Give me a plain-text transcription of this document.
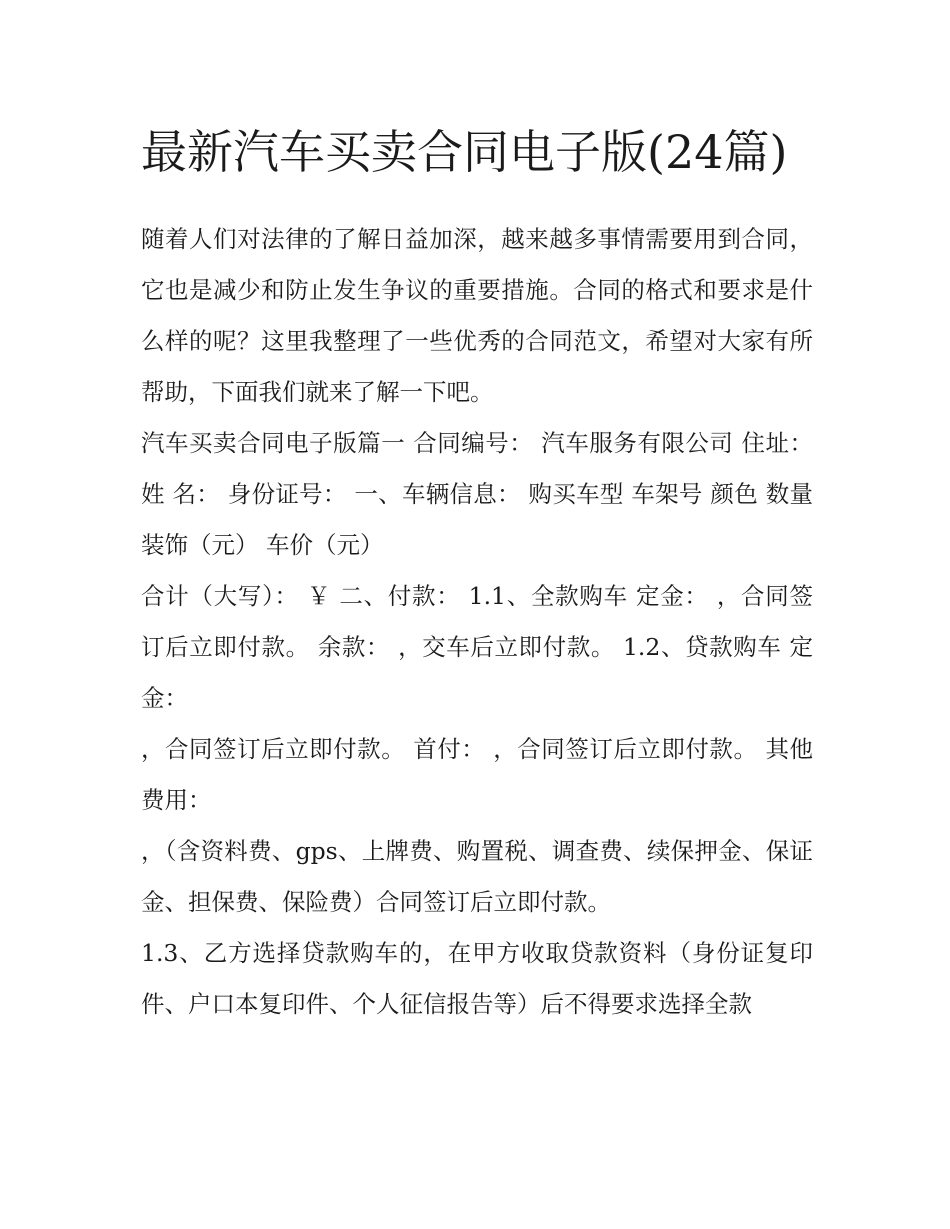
最新汽车买卖合同电子版(24篇)

随着人们对法律的了解日益加深，越来越多事情需要用到合同，它也是减少和防止发生争议的重要措施。合同的格式和要求是什么样的呢？这里我整理了一些优秀的合同范文，希望对大家有所帮助，下面我们就来了解一下吧。

汽车买卖合同电子版篇一 合同编号： 汽车服务有限公司 住址： 姓 名： 身份证号： 一、车辆信息： 购买车型 车架号 颜色 数量 装饰（元） 车价（元）

合计（大写）： ￥ 二、付款： 1.1、全款购车 定金： ，合同签订后立即付款。 余款： ，交车后立即付款。 1.2、贷款购车 定金：

，合同签订后立即付款。 首付： ，合同签订后立即付款。 其他费用：

，（含资料费、gps、上牌费、购置税、调查费、续保押金、保证金、担保费、保险费）合同签订后立即付款。

1.3、乙方选择贷款购车的，在甲方收取贷款资料（身份证复印件、户口本复印件、个人征信报告等）后不得要求选择全款
